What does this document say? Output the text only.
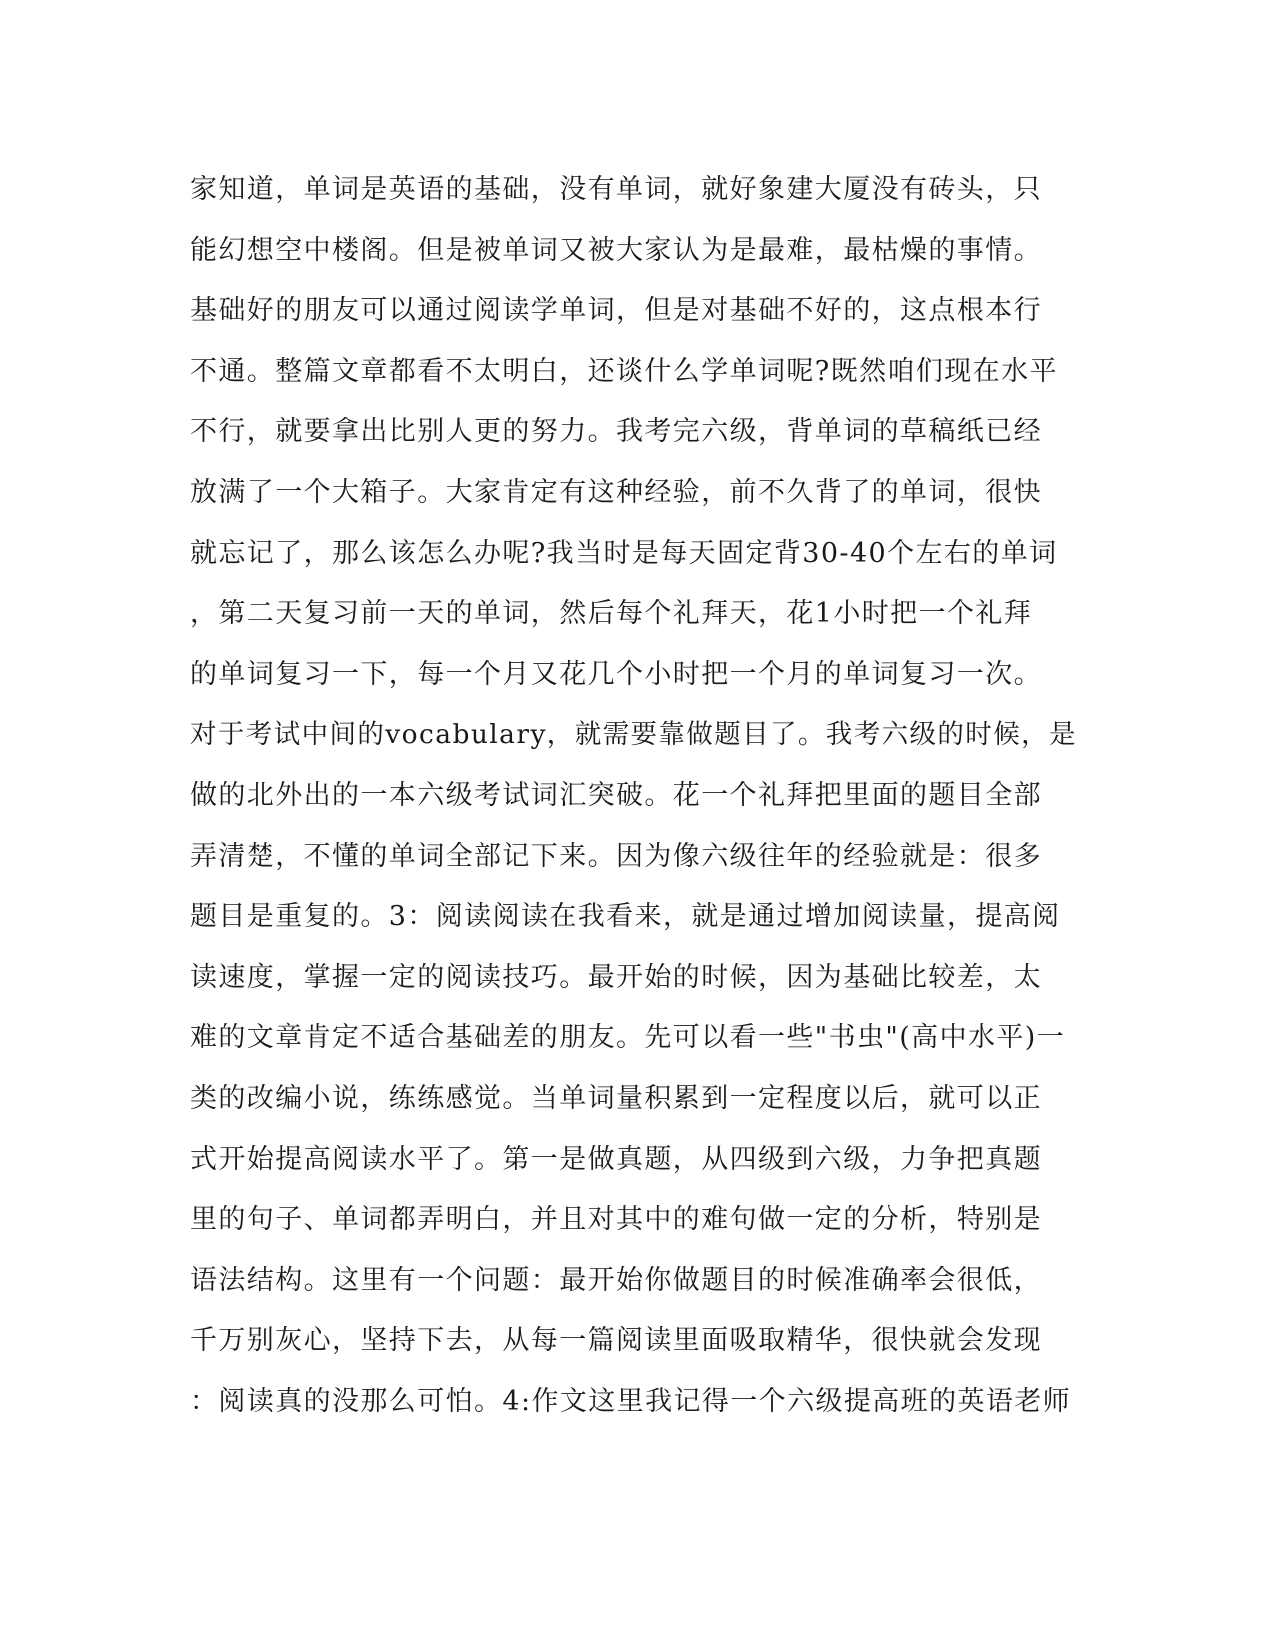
家知道，单词是英语的基础，没有单词，就好象建大厦没有砖头，只
能幻想空中楼阁。但是被单词又被大家认为是最难，最枯燥的事情。
基础好的朋友可以通过阅读学单词，但是对基础不好的，这点根本行
不通。整篇文章都看不太明白，还谈什么学单词呢?既然咱们现在水平
不行，就要拿出比别人更的努力。我考完六级，背单词的草稿纸已经
放满了一个大箱子。大家肯定有这种经验，前不久背了的单词，很快
就忘记了，那么该怎么办呢?我当时是每天固定背30-40个左右的单词
，第二天复习前一天的单词，然后每个礼拜天，花1小时把一个礼拜
的单词复习一下，每一个月又花几个小时把一个月的单词复习一次。
对于考试中间的vocabulary，就需要靠做题目了。我考六级的时候，是
做的北外出的一本六级考试词汇突破。花一个礼拜把里面的题目全部
弄清楚，不懂的单词全部记下来。因为像六级往年的经验就是：很多
题目是重复的。3：阅读阅读在我看来，就是通过增加阅读量，提高阅
读速度，掌握一定的阅读技巧。最开始的时候，因为基础比较差，太
难的文章肯定不适合基础差的朋友。先可以看一些"书虫"(高中水平)一
类的改编小说，练练感觉。当单词量积累到一定程度以后，就可以正
式开始提高阅读水平了。第一是做真题，从四级到六级，力争把真题
里的句子、单词都弄明白，并且对其中的难句做一定的分析，特别是
语法结构。这里有一个问题：最开始你做题目的时候准确率会很低，
千万别灰心，坚持下去，从每一篇阅读里面吸取精华，很快就会发现
：阅读真的没那么可怕。4:作文这里我记得一个六级提高班的英语老师
